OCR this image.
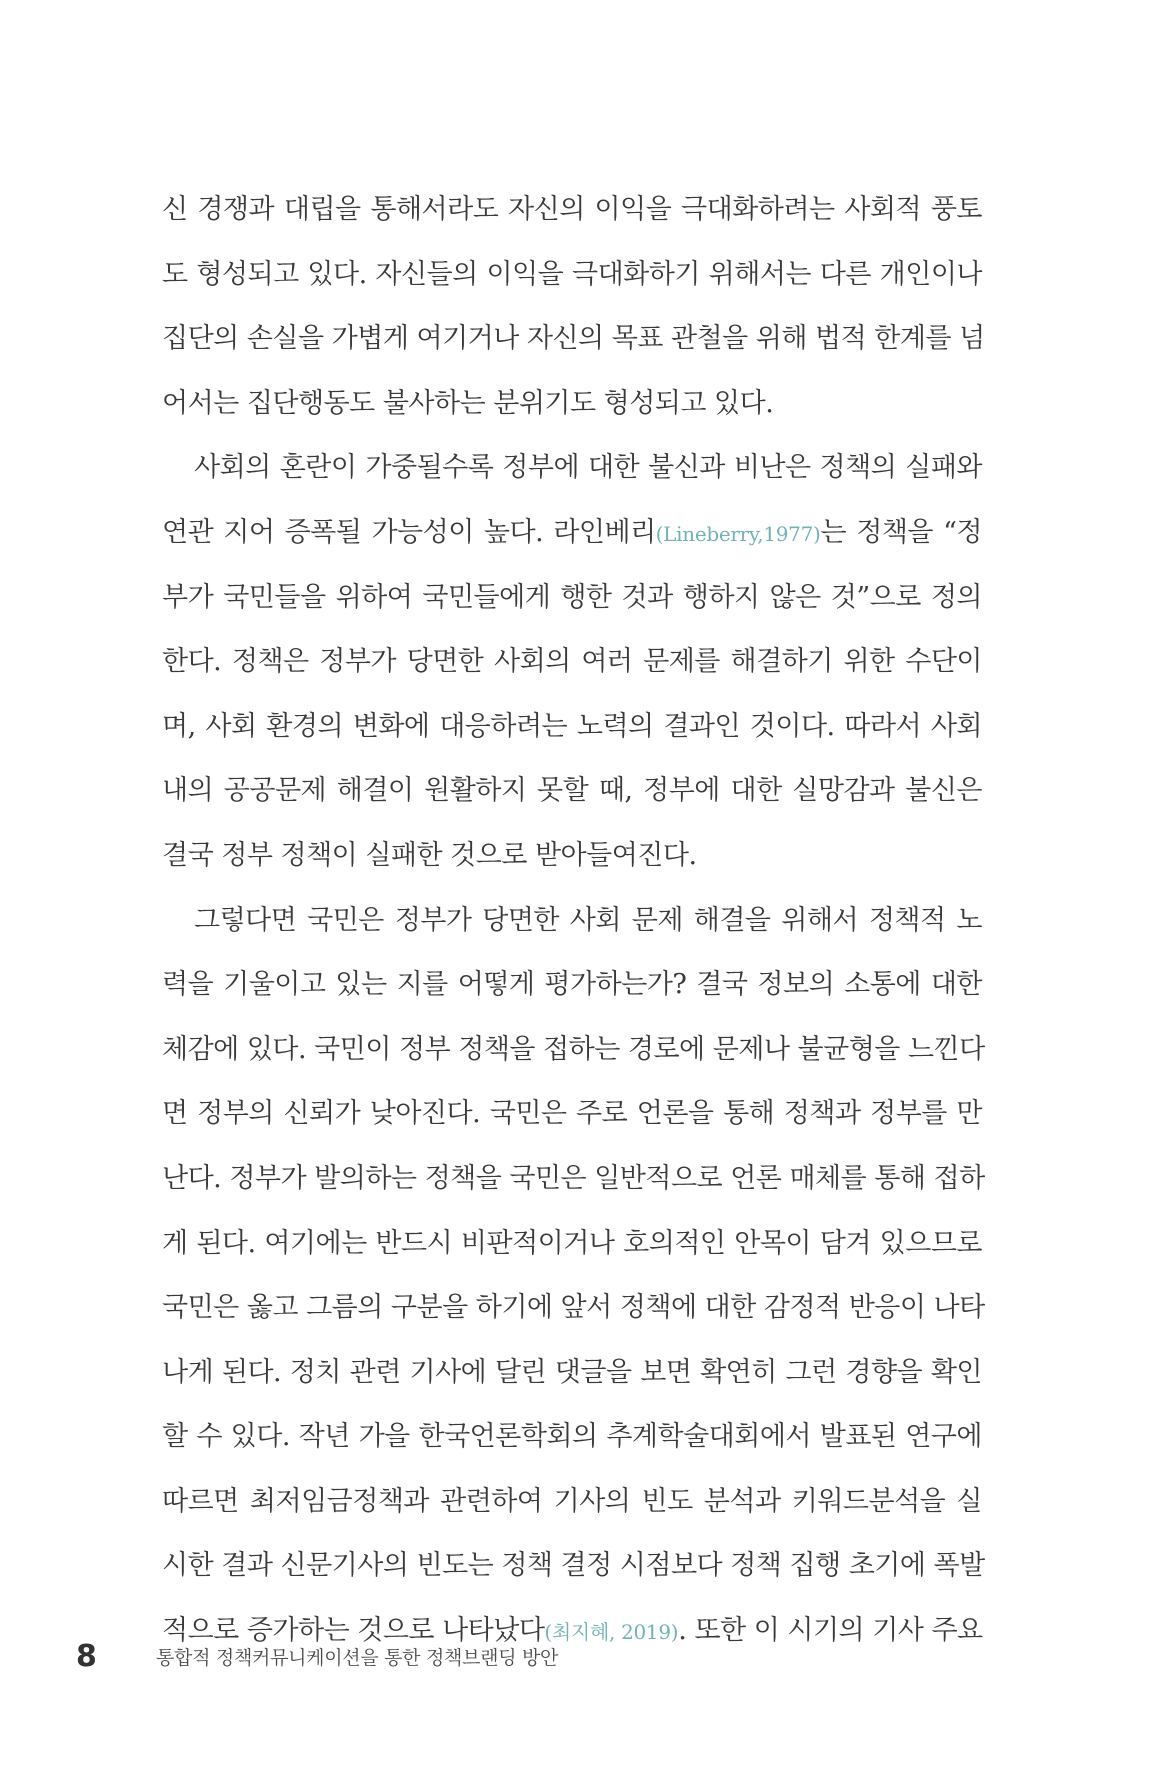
신 경쟁과 대립을 통해서라도 자신의 이익을 극대화하려는 사회적 풍토
도 형성되고 있다. 자신들의 이익을 극대화하기 위해서는 다른 개인이나
집단의 손실을 가볍게 여기거나 자신의 목표 관철을 위해 법적 한계를 넘
어서는 집단행동도 불사하는 분위기도 형성되고 있다.
사회의 혼란이 가중될수록 정부에 대한 불신과 비난은 정책의 실패와
연관 지어 증폭될 가능성이 높다. 라인베리(Lineberry,1977)는 정책을 “정
부가 국민들을 위하여 국민들에게 행한 것과 행하지 않은 것”으로 정의
한다. 정책은 정부가 당면한 사회의 여러 문제를 해결하기 위한 수단이
며, 사회 환경의 변화에 대응하려는 노력의 결과인 것이다. 따라서 사회
내의 공공문제 해결이 원활하지 못할 때, 정부에 대한 실망감과 불신은
결국 정부 정책이 실패한 것으로 받아들여진다.
그렇다면 국민은 정부가 당면한 사회 문제 해결을 위해서 정책적 노
력을 기울이고 있는 지를 어떻게 평가하는가? 결국 정보의 소통에 대한
체감에 있다. 국민이 정부 정책을 접하는 경로에 문제나 불균형을 느낀다
면 정부의 신뢰가 낮아진다. 국민은 주로 언론을 통해 정책과 정부를 만
난다. 정부가 발의하는 정책을 국민은 일반적으로 언론 매체를 통해 접하
게 된다. 여기에는 반드시 비판적이거나 호의적인 안목이 담겨 있으므로
국민은 옳고 그름의 구분을 하기에 앞서 정책에 대한 감정적 반응이 나타
나게 된다. 정치 관련 기사에 달린 댓글을 보면 확연히 그런 경향을 확인
할 수 있다. 작년 가을 한국언론학회의 추계학술대회에서 발표된 연구에
따르면 최저임금정책과 관련하여 기사의 빈도 분석과 키워드분석을 실
시한 결과 신문기사의 빈도는 정책 결정 시점보다 정책 집행 초기에 폭발
적으로 증가하는 것으로 나타났다(최지혜, 2019). 또한 이 시기의 기사 주요
8	통합적 정책커뮤니케이션을 통한 정책브랜딩 방안
